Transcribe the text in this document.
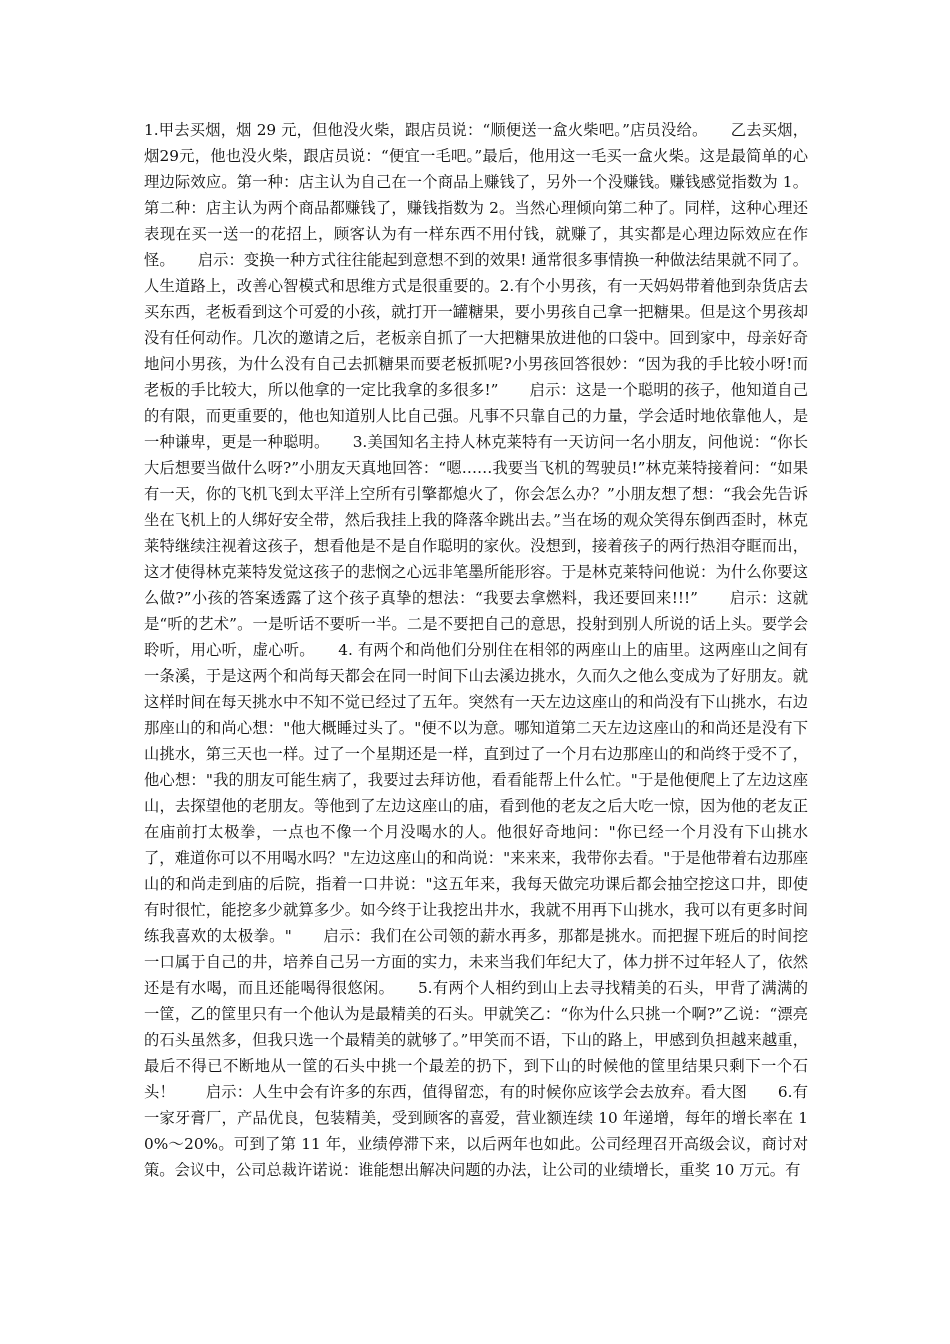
1.甲去买烟，烟 29 元，但他没火柴，跟店员说：“顺便送一盒火柴吧。”店员没给。　　乙去买烟，烟29元，他也没火柴，跟店员说：“便宜一毛吧。”最后，他用这一毛买一盒火柴。这是最简单的心理边际效应。第一种：店主认为自己在一个商品上赚钱了，另外一个没赚钱。赚钱感觉指数为 1。第二种：店主认为两个商品都赚钱了，赚钱指数为 2。当然心理倾向第二种了。同样，这种心理还表现在买一送一的花招上，顾客认为有一样东西不用付钱，就赚了，其实都是心理边际效应在作怪。　　启示：变换一种方式往往能起到意想不到的效果! 通常很多事情换一种做法结果就不同了。人生道路上，改善心智模式和思维方式是很重要的。2.有个小男孩，有一天妈妈带着他到杂货店去买东西，老板看到这个可爱的小孩，就打开一罐糖果，要小男孩自己拿一把糖果。但是这个男孩却没有任何动作。几次的邀请之后，老板亲自抓了一大把糖果放进他的口袋中。回到家中，母亲好奇地问小男孩，为什么没有自己去抓糖果而要老板抓呢?小男孩回答很妙：“因为我的手比较小呀!而老板的手比较大，所以他拿的一定比我拿的多很多!”　　启示：这是一个聪明的孩子，他知道自己的有限，而更重要的，他也知道别人比自己强。凡事不只靠自己的力量，学会适时地依靠他人，是一种谦卑，更是一种聪明。　　3.美国知名主持人林克莱特有一天访问一名小朋友，问他说：“你长大后想要当做什么呀?”小朋友天真地回答：“嗯……我要当飞机的驾驶员!”林克莱特接着问：“如果有一天，你的飞机飞到太平洋上空所有引擎都熄火了，你会怎么办？”小朋友想了想：“我会先告诉坐在飞机上的人绑好安全带，然后我挂上我的降落伞跳出去。”当在场的观众笑得东倒西歪时，林克莱特继续注视着这孩子，想看他是不是自作聪明的家伙。没想到，接着孩子的两行热泪夺眶而出，这才使得林克莱特发觉这孩子的悲悯之心远非笔墨所能形容。于是林克莱特问他说：为什么你要这么做?”小孩的答案透露了这个孩子真挚的想法：“我要去拿燃料，我还要回来!!!”　　启示：这就是“听的艺术”。一是听话不要听一半。二是不要把自己的意思，投射到别人所说的话上头。要学会聆听，用心听，虚心听。　　4. 有两个和尚他们分别住在相邻的两座山上的庙里。这两座山之间有一条溪，于是这两个和尚每天都会在同一时间下山去溪边挑水，久而久之他么变成为了好朋友。就这样时间在每天挑水中不知不觉已经过了五年。突然有一天左边这座山的和尚没有下山挑水，右边那座山的和尚心想："他大概睡过头了。"便不以为意。哪知道第二天左边这座山的和尚还是没有下山挑水，第三天也一样。过了一个星期还是一样，直到过了一个月右边那座山的和尚终于受不了，他心想："我的朋友可能生病了，我要过去拜访他，看看能帮上什么忙。"于是他便爬上了左边这座山，去探望他的老朋友。等他到了左边这座山的庙，看到他的老友之后大吃一惊，因为他的老友正在庙前打太极拳，一点也不像一个月没喝水的人。他很好奇地问："你已经一个月没有下山挑水了，难道你可以不用喝水吗？"左边这座山的和尚说："来来来，我带你去看。"于是他带着右边那座山的和尚走到庙的后院，指着一口井说："这五年来，我每天做完功课后都会抽空挖这口井，即使有时很忙，能挖多少就算多少。如今终于让我挖出井水，我就不用再下山挑水，我可以有更多时间练我喜欢的太极拳。"　　启示：我们在公司领的薪水再多，那都是挑水。而把握下班后的时间挖一口属于自己的井，培养自己另一方面的实力，未来当我们年纪大了，体力拼不过年轻人了，依然还是有水喝，而且还能喝得很悠闲。　　5.有两个人相约到山上去寻找精美的石头，甲背了满满的一筐，乙的筐里只有一个他认为是最精美的石头。甲就笑乙：“你为什么只挑一个啊?”乙说：“漂亮的石头虽然多，但我只选一个最精美的就够了。”甲笑而不语，下山的路上，甲感到负担越来越重，最后不得已不断地从一筐的石头中挑一个最差的扔下，到下山的时候他的筐里结果只剩下一个石头！　　启示：人生中会有许多的东西，值得留恋，有的时候你应该学会去放弃。看大图　　6.有一家牙膏厂，产品优良，包装精美，受到顾客的喜爱，营业额连续 10 年递增，每年的增长率在 10%～20%。可到了第 11 年，业绩停滞下来，以后两年也如此。公司经理召开高级会议，商讨对策。会议中，公司总裁许诺说：谁能想出解决问题的办法，让公司的业绩增长，重奖 10 万元。有
